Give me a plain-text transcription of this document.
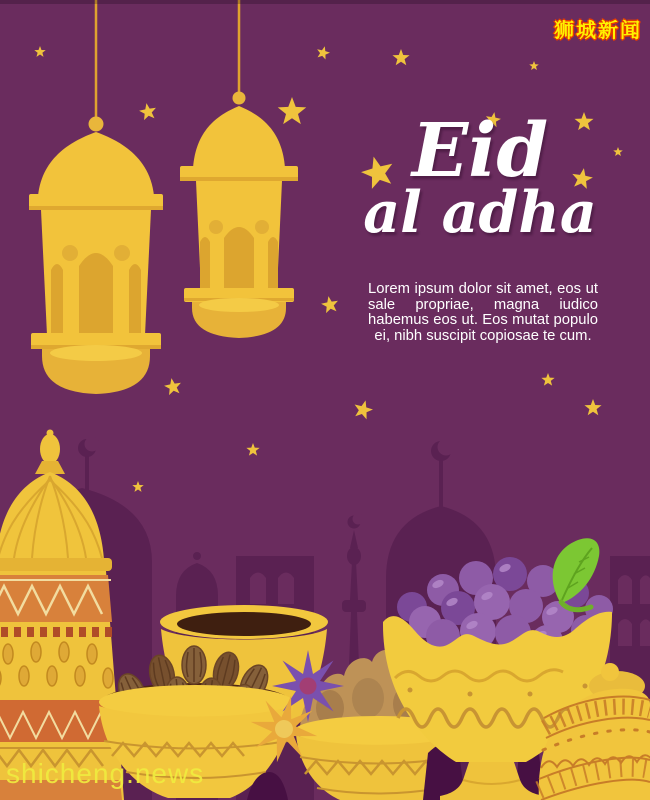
Eid
al adha

Lorem ipsum dolor sit amet, eos ut sale propriae, magna iudico habemus eos ut. Eos mutat populo ei, nibh suscipit copiosae te cum.

狮城新闻
shicheng.news
